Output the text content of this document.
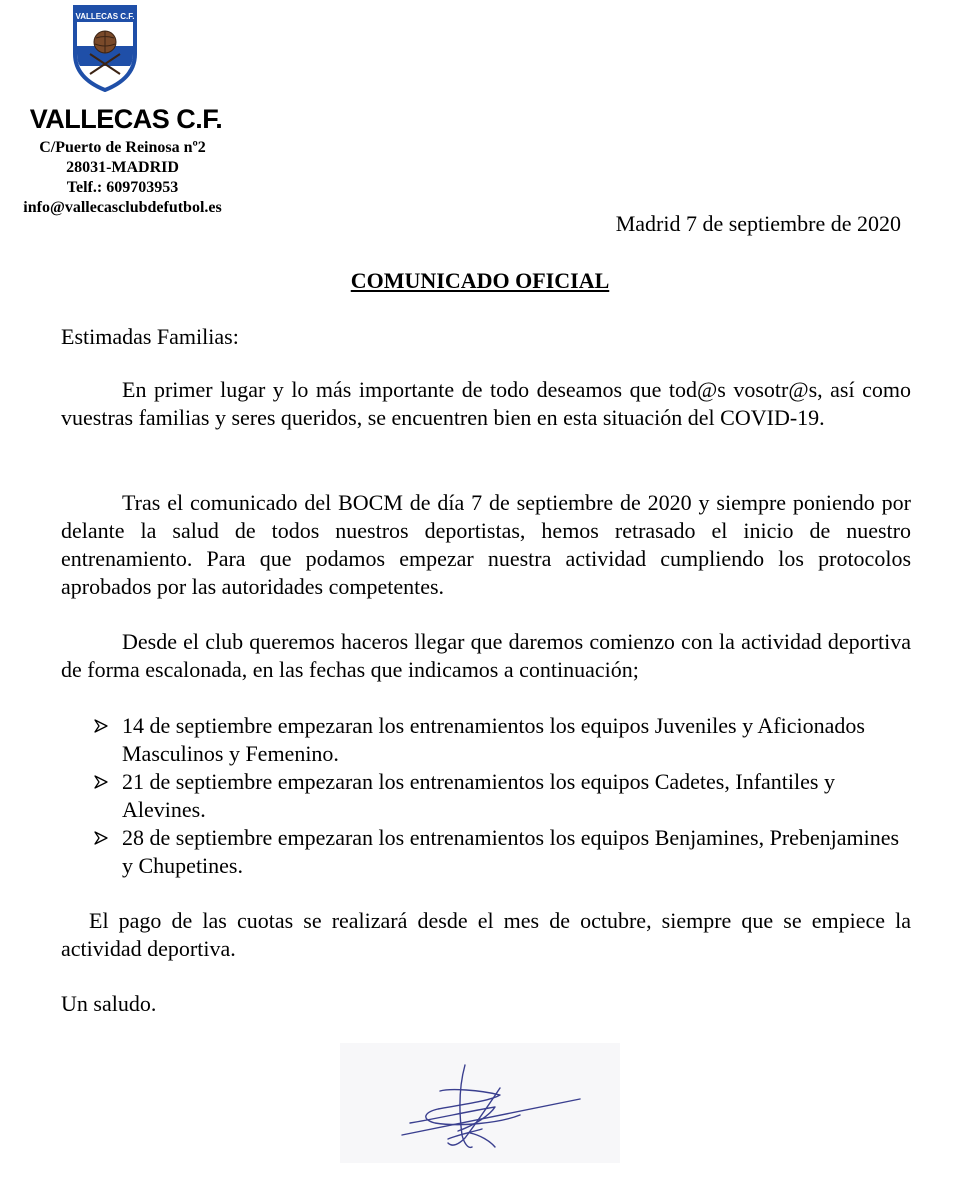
VALLECAS C.F.
VALLECAS C.F.
C/Puerto de Reinosa nº2
28031-MADRID
Telf.: 609703953
info@vallecasclubdefutbol.es
Madrid 7 de septiembre de 2020
COMUNICADO OFICIAL
Estimadas Familias:

En primer lugar y lo más importante de todo deseamos que tod@s vosotr@s, así como vuestras familias y seres queridos, se encuentren bien en esta situación del COVID-19.

Tras el comunicado del BOCM de día 7 de septiembre de 2020 y siempre poniendo por delante la salud de todos nuestros deportistas, hemos retrasado el inicio de nuestro entrenamiento. Para que podamos empezar nuestra actividad cumpliendo los protocolos aprobados por las autoridades competentes.

Desde el club queremos haceros llegar que daremos comienzo con la actividad deportiva de forma escalonada, en las fechas que indicamos a continuación;

14 de septiembre empezaran los entrenamientos los equipos Juveniles y Aficionados Masculinos y Femenino.
21 de septiembre empezaran los entrenamientos los equipos Cadetes, Infantiles y Alevines.
28 de septiembre empezaran los entrenamientos los equipos Benjamines, Prebenjamines y Chupetines.

El pago de las cuotas se realizará desde el mes de octubre, siempre que se empiece la actividad deportiva.

Un saludo.
